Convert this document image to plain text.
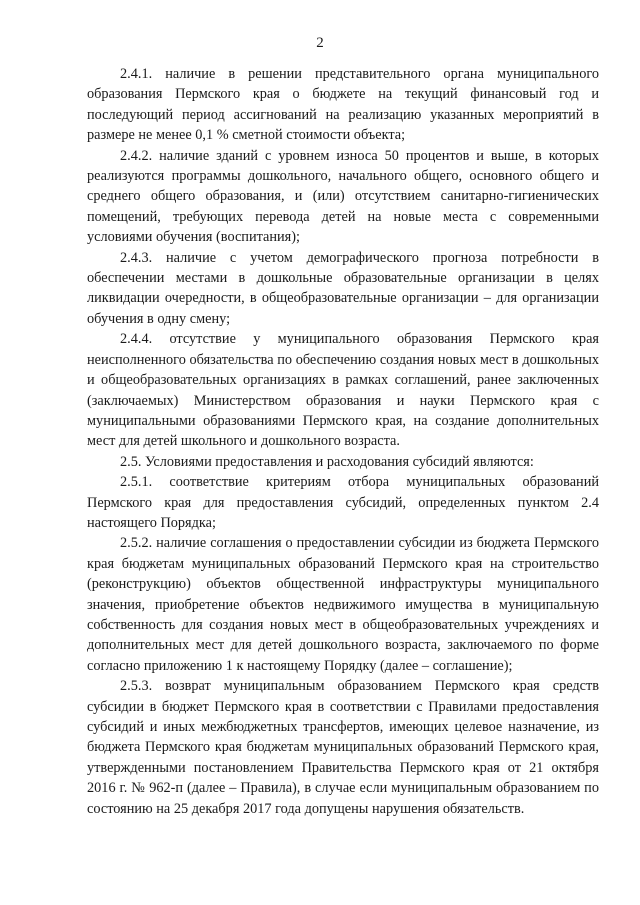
2

2.4.1. наличие в решении представительного органа муниципального образования Пермского края о бюджете на текущий финансовый год и последующий период ассигнований на реализацию указанных мероприятий в размере не менее 0,1 % сметной стоимости объекта;

2.4.2. наличие зданий с уровнем износа 50 процентов и выше, в которых реализуются программы дошкольного, начального общего, основного общего и среднего общего образования, и (или) отсутствием санитарно-гигиенических помещений, требующих перевода детей на новые места с современными условиями обучения (воспитания);

2.4.3. наличие с учетом демографического прогноза потребности в обеспечении местами в дошкольные образовательные организации в целях ликвидации очередности, в общеобразовательные организации – для организации обучения в одну смену;

2.4.4. отсутствие у муниципального образования Пермского края неисполненного обязательства по обеспечению создания новых мест в дошкольных и общеобразовательных организациях в рамках соглашений, ранее заключенных (заключаемых) Министерством образования и науки Пермского края с муниципальными образованиями Пермского края, на создание дополнительных мест для детей школьного и дошкольного возраста.

2.5. Условиями предоставления и расходования субсидий являются:

2.5.1. соответствие критериям отбора муниципальных образований Пермского края для предоставления субсидий, определенных пунктом 2.4 настоящего Порядка;

2.5.2. наличие соглашения о предоставлении субсидии из бюджета Пермского края бюджетам муниципальных образований Пермского края на строительство (реконструкцию) объектов общественной инфраструктуры муниципального значения, приобретение объектов недвижимого имущества в муниципальную собственность для создания новых мест в общеобразовательных учреждениях и дополнительных мест для детей дошкольного возраста, заключаемого по форме согласно приложению 1 к настоящему Порядку (далее – соглашение);

2.5.3. возврат муниципальным образованием Пермского края средств субсидии в бюджет Пермского края в соответствии с Правилами предоставления субсидий и иных межбюджетных трансфертов, имеющих целевое назначение, из бюджета Пермского края бюджетам муниципальных образований Пермского края, утвержденными постановлением Правительства Пермского края от 21 октября 2016 г. № 962-п (далее – Правила), в случае если муниципальным образованием по состоянию на 25 декабря 2017 года допущены нарушения обязательств.
